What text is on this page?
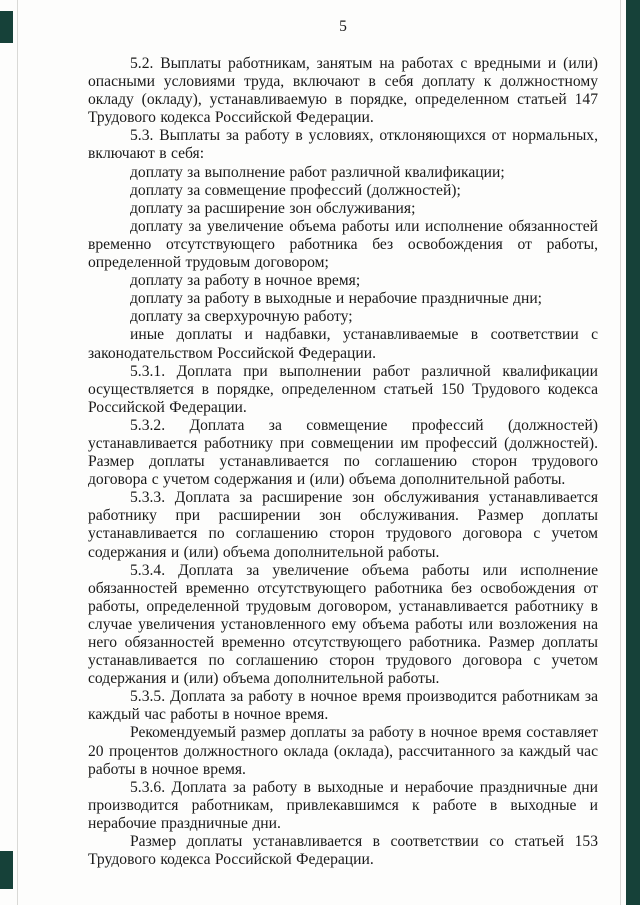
5

5.2. Выплаты работникам, занятым на работах с вредными и (или) опасными условиями труда, включают в себя доплату к должностному окладу (окладу), устанавливаемую в порядке, определенном статьей 147 Трудового кодекса Российской Федерации.

5.3. Выплаты за работу в условиях, отклоняющихся от нормальных, включают в себя:

доплату за выполнение работ различной квалификации;

доплату за совмещение профессий (должностей);

доплату за расширение зон обслуживания;

доплату за увеличение объема работы или исполнение обязанностей временно отсутствующего работника без освобождения от работы, определенной трудовым договором;

доплату за работу в ночное время;

доплату за работу в выходные и нерабочие праздничные дни;

доплату за сверхурочную работу;

иные доплаты и надбавки, устанавливаемые в соответствии с законодательством Российской Федерации.

5.3.1. Доплата при выполнении работ различной квалификации осуществляется в порядке, определенном статьей 150 Трудового кодекса Российской Федерации.

5.3.2. Доплата за совмещение профессий (должностей) устанавливается работнику при совмещении им профессий (должностей). Размер доплаты устанавливается по соглашению сторон трудового договора с учетом содержания и (или) объема дополнительной работы.

5.3.3. Доплата за расширение зон обслуживания устанавливается работнику при расширении зон обслуживания. Размер доплаты устанавливается по соглашению сторон трудового договора с учетом содержания и (или) объема дополнительной работы.

5.3.4. Доплата за увеличение объема работы или исполнение обязанностей временно отсутствующего работника без освобождения от работы, определенной трудовым договором, устанавливается работнику в случае увеличения установленного ему объема работы или возложения на него обязанностей временно отсутствующего работника. Размер доплаты устанавливается по соглашению сторон трудового договора с учетом содержания и (или) объема дополнительной работы.

5.3.5. Доплата за работу в ночное время производится работникам за каждый час работы в ночное время.

Рекомендуемый размер доплаты за работу в ночное время составляет 20 процентов должностного оклада (оклада), рассчитанного за каждый час работы в ночное время.

5.3.6. Доплата за работу в выходные и нерабочие праздничные дни производится работникам, привлекавшимся к работе в выходные и нерабочие праздничные дни.

Размер доплаты устанавливается в соответствии со статьей 153 Трудового кодекса Российской Федерации.
